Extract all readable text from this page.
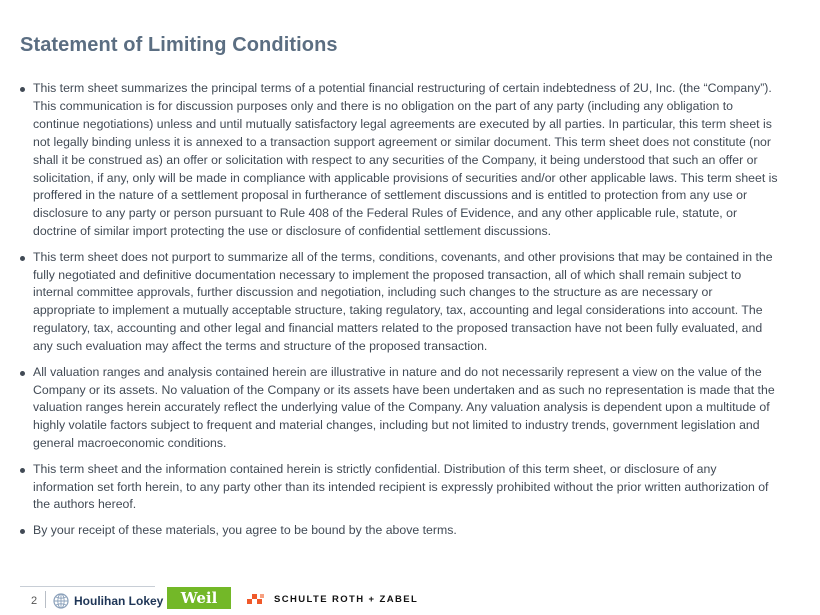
Statement of Limiting Conditions
This term sheet summarizes the principal terms of a potential financial restructuring of certain indebtedness of 2U, Inc. (the “Company”). This communication is for discussion purposes only and there is no obligation on the part of any party (including any obligation to continue negotiations) unless and until mutually satisfactory legal agreements are executed by all parties. In particular, this term sheet is not legally binding unless it is annexed to a transaction support agreement or similar document. This term sheet does not constitute (nor shall it be construed as) an offer or solicitation with respect to any securities of the Company, it being understood that such an offer or solicitation, if any, only will be made in compliance with applicable provisions of securities and/or other applicable laws. This term sheet is proffered in the nature of a settlement proposal in furtherance of settlement discussions and is entitled to protection from any use or disclosure to any party or person pursuant to Rule 408 of the Federal Rules of Evidence, and any other applicable rule, statute, or doctrine of similar import protecting the use or disclosure of confidential settlement discussions.
This term sheet does not purport to summarize all of the terms, conditions, covenants, and other provisions that may be contained in the fully negotiated and definitive documentation necessary to implement the proposed transaction, all of which shall remain subject to internal committee approvals, further discussion and negotiation, including such changes to the structure as are necessary or appropriate to implement a mutually acceptable structure, taking regulatory, tax, accounting and legal considerations into account. The regulatory, tax, accounting and other legal and financial matters related to the proposed transaction have not been fully evaluated, and any such evaluation may affect the terms and structure of the proposed transaction.
All valuation ranges and analysis contained herein are illustrative in nature and do not necessarily represent a view on the value of the Company or its assets. No valuation of the Company or its assets have been undertaken and as such no representation is made that the valuation ranges herein accurately reflect the underlying value of the Company. Any valuation analysis is dependent upon a multitude of highly volatile factors subject to frequent and material changes, including but not limited to industry trends, government legislation and general macroeconomic conditions.
This term sheet and the information contained herein is strictly confidential. Distribution of this term sheet, or disclosure of any information set forth herein, to any party other than its intended recipient is expressly prohibited without the prior written authorization of the authors hereof.
By your receipt of these materials, you agree to be bound by the above terms.
2	Houlihan Lokey Weil	SCHULTE ROTH + ZABEL
